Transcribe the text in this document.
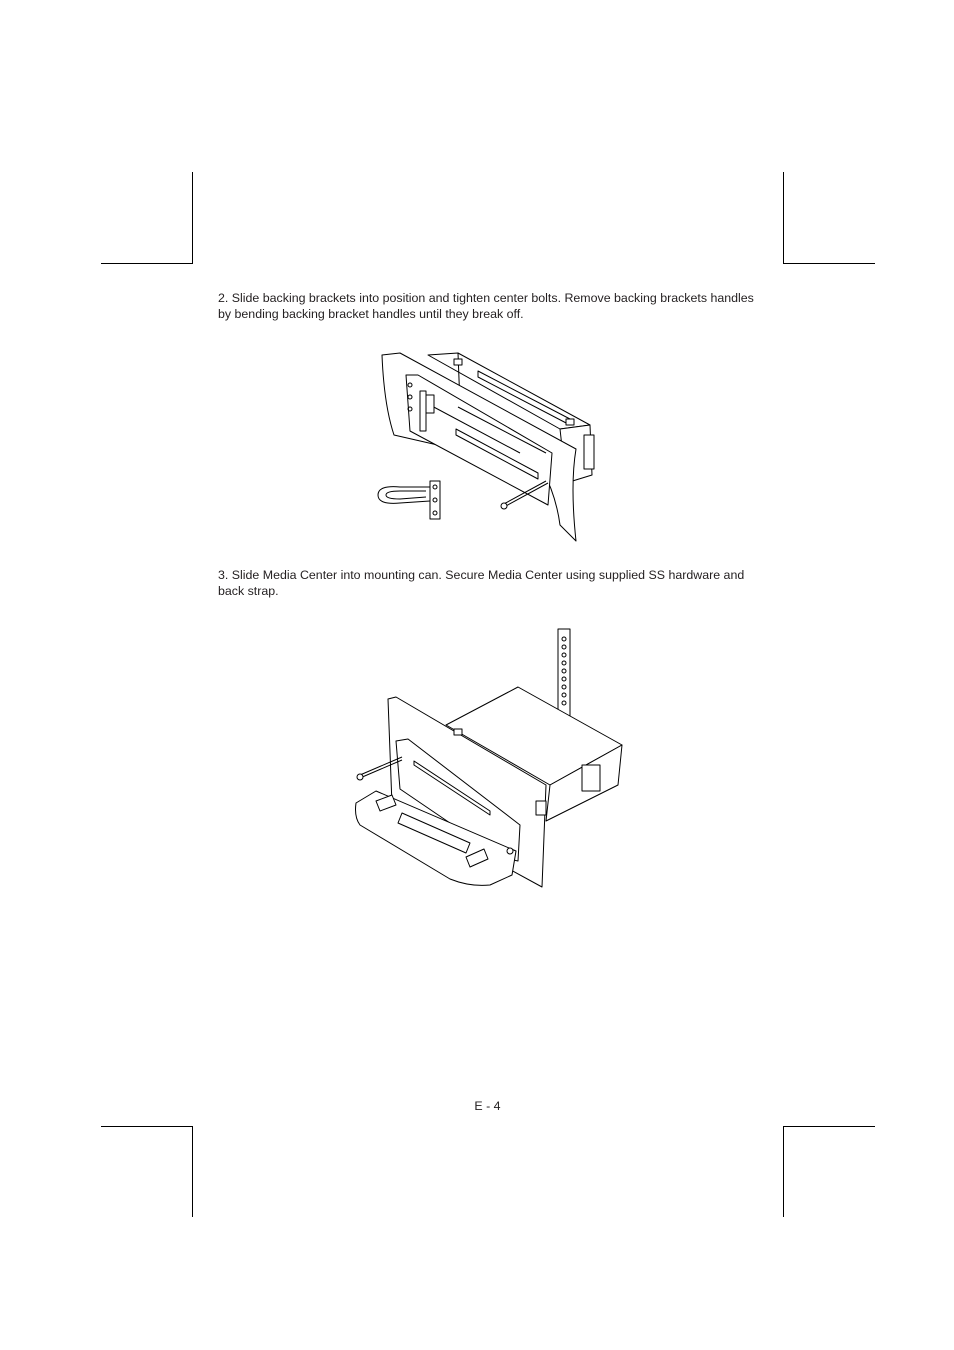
2. Slide backing brackets into position and tighten center bolts. Remove backing brackets handles by bending backing bracket handles until they break off.

3. Slide Media Center into mounting can. Secure Media Center using supplied SS hardware and back strap.

E - 4
